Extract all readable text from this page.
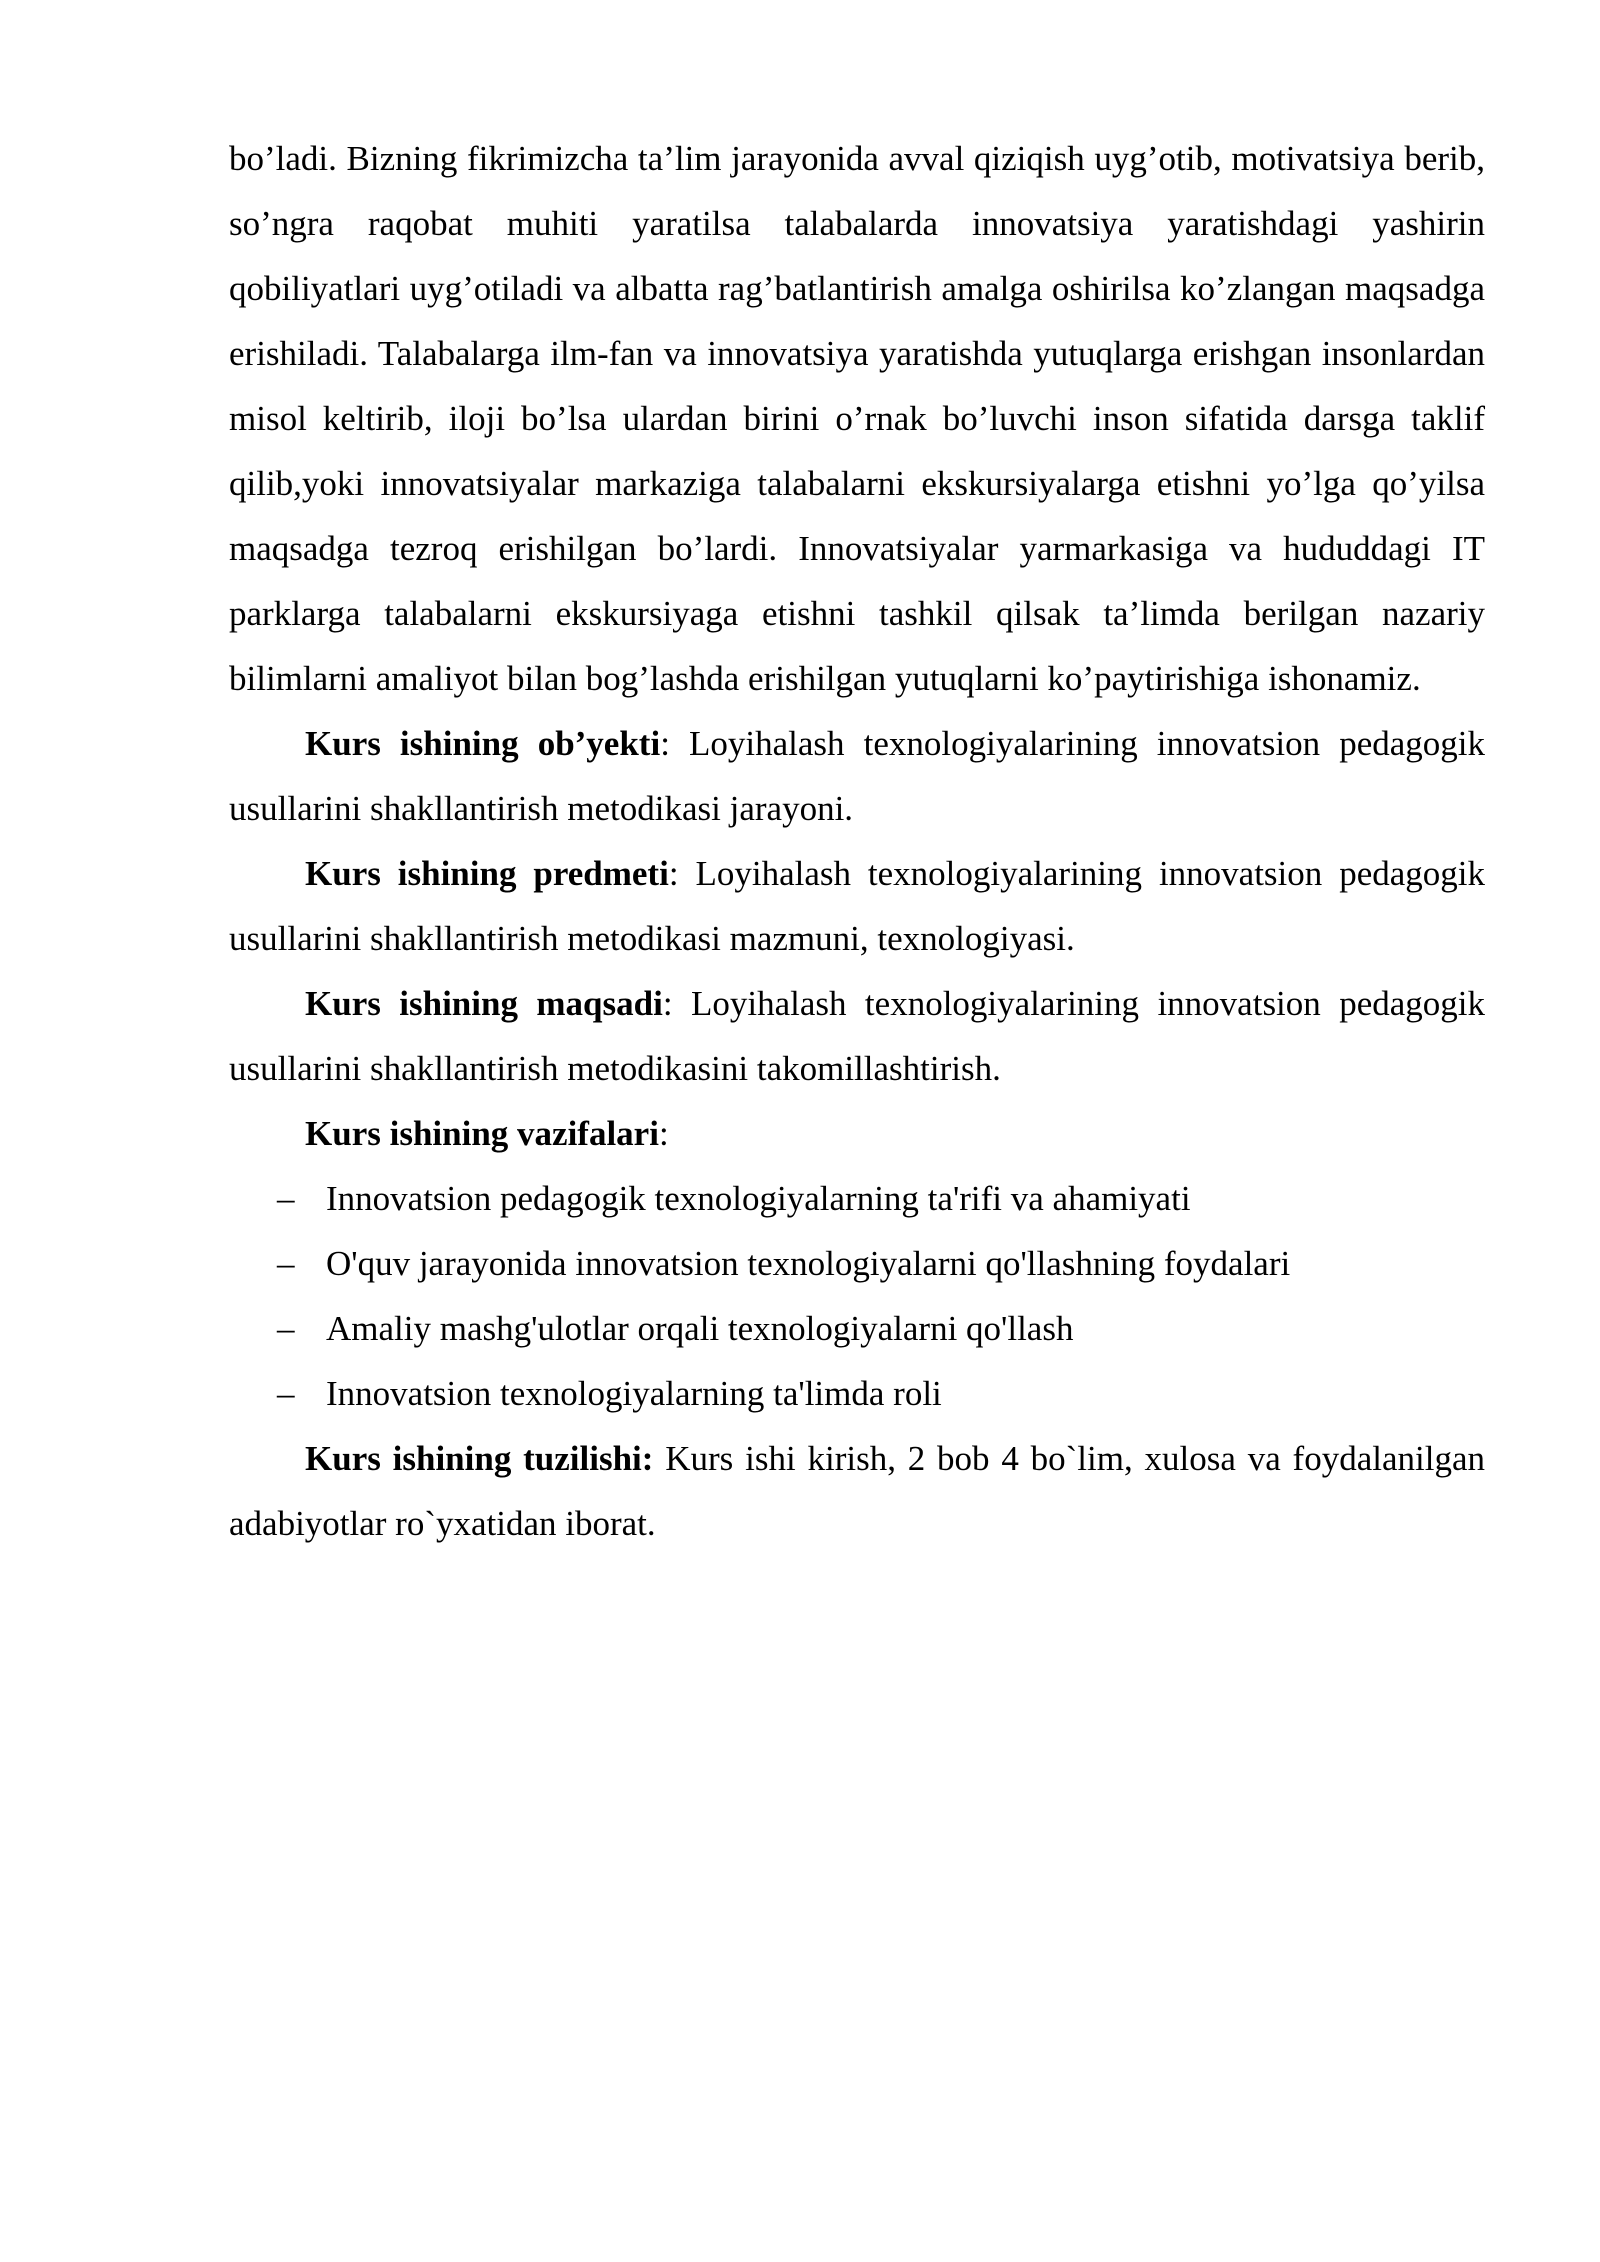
bo’ladi. Bizning fikrimizcha ta’lim jarayonida avval qiziqish uyg’otib, motivatsiya berib, so’ngra raqobat muhiti yaratilsa talabalarda innovatsiya yaratishdagi yashirin qobiliyatlari uyg’otiladi va albatta rag’batlantirish amalga oshirilsa ko’zlangan maqsadga erishiladi. Talabalarga ilm-fan va innovatsiya yaratishda yutuqlarga erishgan insonlardan misol keltirib, iloji bo’lsa ulardan birini o’rnak bo’luvchi inson sifatida darsga taklif qilib,yoki innovatsiyalar markaziga talabalarni ekskursiyalarga etishni yo’lga qo’yilsa maqsadga tezroq erishilgan bo’lardi. Innovatsiyalar yarmarkasiga va hududdagi IT parklarga talabalarni ekskursiyaga etishni tashkil qilsak ta’limda berilgan nazariy bilimlarni amaliyot bilan bog’lashda erishilgan yutuqlarni ko’paytirishiga ishonamiz.

Kurs ishining ob’yekti: Loyihalash texnologiyalarining innovatsion pedagogik usullarini shakllantirish metodikasi jarayoni.

Kurs ishining predmeti: Loyihalash texnologiyalarining innovatsion pedagogik usullarini shakllantirish metodikasi mazmuni, texnologiyasi.

Kurs ishining maqsadi: Loyihalash texnologiyalarining innovatsion pedagogik usullarini shakllantirish metodikasini takomillashtirish.

Kurs ishining vazifalari:

– Innovatsion pedagogik texnologiyalarning ta'rifi va ahamiyati
– O'quv jarayonida innovatsion texnologiyalarni qo'llashning foydalari
– Amaliy mashg'ulotlar orqali texnologiyalarni qo'llash
– Innovatsion texnologiyalarning ta'limda roli

Kurs ishining tuzilishi: Kurs ishi kirish, 2 bob 4 bo`lim, xulosa va foydalanilgan adabiyotlar ro`yxatidan iborat.
